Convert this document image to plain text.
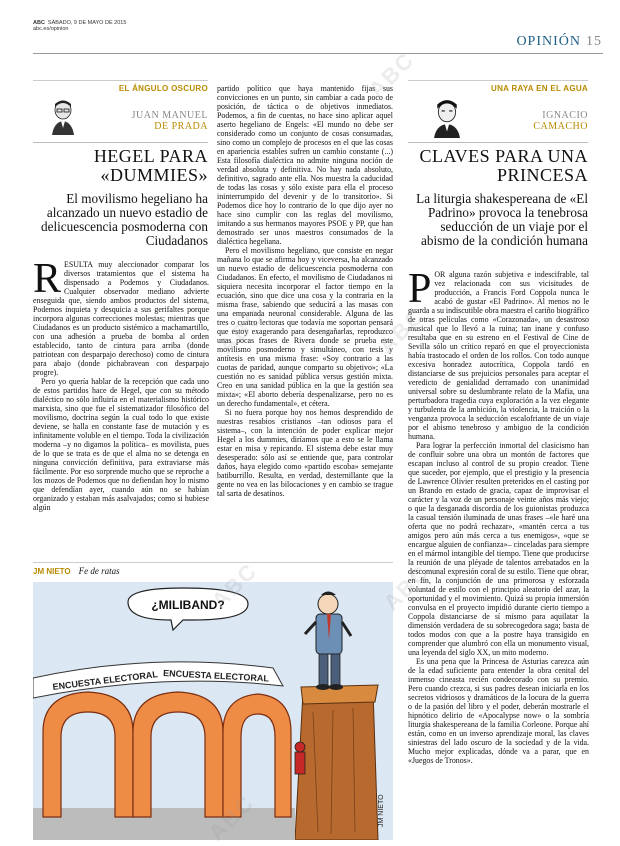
ABC SÁBADO, 9 DE MAYO DE 2015
abc.es/opinion
OPINIÓN 15
EL ÁNGULO OSCURO
JUAN MANUEL
DE PRADA
HEGEL PARA «DUMMIES»
El movilismo hegeliano ha alcanzado un nuevo estadio de delicuescencia posmoderna con Ciudadanos

RESULTA muy aleccionador comparar los diversos tratamientos que el sistema ha dispensado a Podemos y Ciudadanos. Cualquier observador mediano advierte enseguida que, siendo ambos productos del sistema, Podemos inquieta y desquicia a sus gerifaltes porque incorpora algunas correcciones molestas; mientras que Ciudadanos es un producto sistémico a machamartillo, con una adhesión a prueba de bomba al orden establecido, tanto de cintura para arriba (donde patriotean con desparpajo derechoso) como de cintura para abajo (donde pichabravean con desparpajo progre).

Pero yo quería hablar de la recepción que cada uno de estos partidos hace de Hegel, que con su método dialéctico no sólo influiría en el materialismo histórico marxista, sino que fue el sistematizador filosófico del movilismo, doctrina según la cual todo lo que existe deviene, se halla en constante fase de mutación y es infinitamente voluble en el tiempo. Toda la civilización moderna –y no digamos la política– es movilista, pues de lo que se trata es de que el alma no se detenga en ninguna convicción definitiva, para extraviarse más fácilmente. Por eso sorprende mucho que se reproche a los mozos de Podemos que no defiendan hoy lo mismo que defendían ayer, cuando aún no se habían organizado y estaban más asalvajados; como si hubiese algún

partido político que haya mantenido fijas sus convicciones en un punto, sin cambiar a cada poco de posición, de táctica o de objetivos inmediatos. Podemos, a fin de cuentas, no hace sino aplicar aquel aserto hegeliano de Engels: «El mundo no debe ser considerado como un conjunto de cosas consumadas, sino como un complejo de procesos en el que las cosas en apariencia estables sufren un cambio constante (...) Esta filosofía dialéctica no admite ninguna noción de verdad absoluta y definitiva. No hay nada absoluto, definitivo, sagrado ante ella. Nos muestra la caducidad de todas las cosas y sólo existe para ella el proceso ininterrumpido del devenir y de lo transitorio». Si Podemos dice hoy lo contrario de lo que dijo ayer no hace sino cumplir con las reglas del movilismo, imitando a sus hermanos mayores PSOE y PP, que han demostrado ser unos maestros consumados de la dialéctica hegeliana.

Pero el movilismo hegeliano, que consiste en negar mañana lo que se afirma hoy y viceversa, ha alcanzado un nuevo estadio de delicuescencia posmoderna con Ciudadanos. En efecto, el movilismo de Ciudadanos ni siquiera necesita incorporar el factor tiempo en la ecuación, sino que dice una cosa y la contraria en la misma frase, sabiendo que seducirá a las masas con una empanada neuronal considerable. Alguna de las tres o cuatro lectoras que todavía me soportan pensará que estoy exagerando para desengañarlas, reproduzco unas pocas frases de Rivera donde se prueba este movilismo posmoderno y simultáneo, con tesis y antítesis en una misma frase: «Soy contrario a las cuotas de paridad, aunque comparto su objetivo»; «La cuestión no es sanidad pública versus gestión mixta. Creo en una sanidad pública en la que la gestión sea mixta»; «El aborto debería despenalizarse, pero no es un derecho fundamental», et cétera.

Si no fuera porque hoy nos hemos desprendido de nuestras resabios cristianos –tan odiosos para el sistema–, con la intención de poder explicar mejor Hegel a los dummies, diríamos que a esto se le llama estar en misa y repicando. El sistema debe estar muy desesperado: sólo así se entiende que, para controlar daños, haya elegido como «partido escoba» semejante batiburrillo. Resulta, en verdad, desternillante que la gente no vea en las bilocaciones y en cambio se trague tal sarta de desatinos.

JM NIETO Fe de ratas
¿MILIBAND?
ENCUESTA ELECTORAL ENCUESTA ELECTORAL
JM NIETO
UNA RAYA EN EL AGUA
IGNACIO
CAMACHO
CLAVES PARA UNA PRINCESA
La liturgia shakespereana de «El Padrino» provoca la tenebrosa seducción de un viaje por el abismo de la condición humana

POR alguna razón subjetiva e indescifrable, tal vez relacionada con sus vicisitudes de producción, a Francis Ford Coppola nunca le acabó de gustar «El Padrino». Al menos no le guarda a su indiscutible obra maestra el cariño biográfico de otras películas como «Corazonada», un desastroso musical que lo llevó a la ruina; tan inane y confuso resultaba que en su estreno en el Festival de Cine de Sevilla sólo un crítico reparó en que el proyeccionista había trastocado el orden de los rollos. Con todo aunque excesiva honradez autocrítica, Coppola tardó en distanciarse de sus prejuicios personales para aceptar el veredicto de genialidad derramado con unanimidad universal sobre su deslumbrante relato de la Mafia, una perturbadora tragedia cuya exploración a la vez elegante y turbulenta de la ambición, la violencia, la traición o la venganza provoca la seducción escalofriante de un viaje por el abismo tenebroso y ambiguo de la condición humana.

Para lograr la perfección inmortal del clasicismo han de confluir sobre una obra un montón de factores que escapan incluso al control de su propio creador. Tiene que suceder, por ejemplo, que el prestigio y la presencia de Lawrence Olivier resulten preteridos en el casting por un Brando en estado de gracia, capaz de improvisar el carácter y la voz de un personaje veinte años más viejo; o que la desganada discordia de los guionistas produzca la casual tensión iluminada de unas frases –«le haré una oferta que no podrá rechazar», «mantén cerca a tus amigos pero aún más cerca a tus enemigos», «que se encargue alguien de confianza»– cinceladas para siempre en el mármol intangible del tiempo. Tiene que producirse la reunión de una pléyade de talentos arrebatados en la descomunal expresión coral de su estilo. Tiene que obrar, en fin, la conjunción de una primorosa y esforzada voluntad de estilo con el principio aleatorio del azar, la oportunidad y el movimiento. Quizá su propia inmersión convulsa en el proyecto impidió durante cierto tiempo a Coppola distanciarse de sí mismo para aquilatar la dimensión verdadera de su sobrecogedora saga; basta de todos modos con que a la postre haya transigido en comprender que alumbró con ella un monumento visual, una leyenda del siglo XX, un mito moderno.

Es una pena que la Princesa de Asturias carezca aún de la edad suficiente para entender la obra cenital del inmenso cineasta recién condecorado con su premio. Pero cuando crezca, si sus padres desean iniciarla en los secretos vidriosos y dramáticos de la locura de la guerra o de la pasión del libro y el poder, deberán mostrarle el hipnótico delirio de «Apocalypse now» o la sombría liturgia shakespereana de la familia Corleone. Porque ahí están, como en un inverso aprendizaje moral, las claves siniestras del lado oscuro de la sociedad y de la vida. Mucho mejor explicadas, dónde va a parar, que en «Juegos de Tronos».

ABC
ABC	ABC
ABC
